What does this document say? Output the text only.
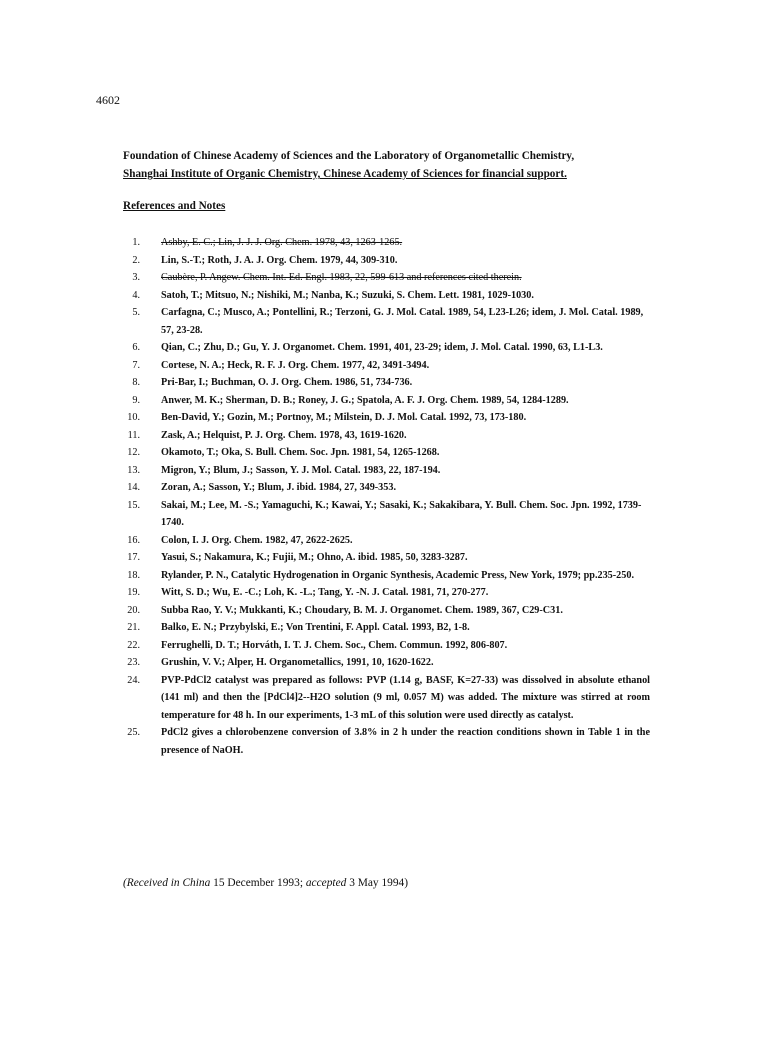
4602
Foundation of Chinese Academy of Sciences and the Laboratory of Organometallic Chemistry,
Shanghai Institute of Organic Chemistry, Chinese Academy of Sciences for financial support.
References and Notes
1. Ashby, E. C.; Lin, J. J. J. Org. Chem. 1978, 43, 1263-1265.
2. Lin, S.-T.; Roth, J. A. J. Org. Chem. 1979, 44, 309-310.
3. Caubère, P. Angew. Chem. Int. Ed. Engl. 1983, 22, 599-613 and references cited therein.
4. Satoh, T.; Mitsuo, N.; Nishiki, M.; Nanba, K.; Suzuki, S. Chem. Lett. 1981, 1029-1030.
5. Carfagna, C.; Musco, A.; Pontellini, R.; Terzoni, G. J. Mol. Catal. 1989, 54, L23-L26; idem, J. Mol. Catal. 1989, 57, 23-28.
6. Qian, C.; Zhu, D.; Gu, Y. J. Organomet. Chem. 1991, 401, 23-29; idem, J. Mol. Catal. 1990, 63, L1-L3.
7. Cortese, N. A.; Heck, R. F. J. Org. Chem. 1977, 42, 3491-3494.
8. Pri-Bar, I.; Buchman, O. J. Org. Chem. 1986, 51, 734-736.
9. Anwer, M. K.; Sherman, D. B.; Roney, J. G.; Spatola, A. F. J. Org. Chem. 1989, 54, 1284-1289.
10. Ben-David, Y.; Gozin, M.; Portnoy, M.; Milstein, D. J. Mol. Catal. 1992, 73, 173-180.
11. Zask, A.; Helquist, P. J. Org. Chem. 1978, 43, 1619-1620.
12. Okamoto, T.; Oka, S. Bull. Chem. Soc. Jpn. 1981, 54, 1265-1268.
13. Migron, Y.; Blum, J.; Sasson, Y. J. Mol. Catal. 1983, 22, 187-194.
14. Zoran, A.; Sasson, Y.; Blum, J. ibid. 1984, 27, 349-353.
15. Sakai, M.; Lee, M. -S.; Yamaguchi, K.; Kawai, Y.; Sasaki, K.; Sakakibara, Y. Bull. Chem. Soc. Jpn. 1992, 1739-1740.
16. Colon, I. J. Org. Chem. 1982, 47, 2622-2625.
17. Yasui, S.; Nakamura, K.; Fujii, M.; Ohno, A. ibid. 1985, 50, 3283-3287.
18. Rylander, P. N., Catalytic Hydrogenation in Organic Synthesis, Academic Press, New York, 1979; pp.235-250.
19. Witt, S. D.; Wu, E. -C.; Loh, K. -L.; Tang, Y. -N. J. Catal. 1981, 71, 270-277.
20. Subba Rao, Y. V.; Mukkanti, K.; Choudary, B. M. J. Organomet. Chem. 1989, 367, C29-C31.
21. Balko, E. N.; Przybylski, E.; Von Trentini, F. Appl. Catal. 1993, B2, 1-8.
22. Ferrughelli, D. T.; Horváth, I. T. J. Chem. Soc., Chem. Commun. 1992, 806-807.
23. Grushin, V. V.; Alper, H. Organometallics, 1991, 10, 1620-1622.
24. PVP-PdCl2 catalyst was prepared as follows: PVP (1.14 g, BASF, K=27-33) was dissolved in absolute ethanol (141 ml) and then the [PdCl4]2--H2O solution (9 ml, 0.057 M) was added. The mixture was stirred at room temperature for 48 h. In our experiments, 1-3 mL of this solution were used directly as catalyst.
25. PdCl2 gives a chlorobenzene conversion of 3.8% in 2 h under the reaction conditions shown in Table 1 in the presence of NaOH.
(Received in China 15 December 1993; accepted 3 May 1994)
